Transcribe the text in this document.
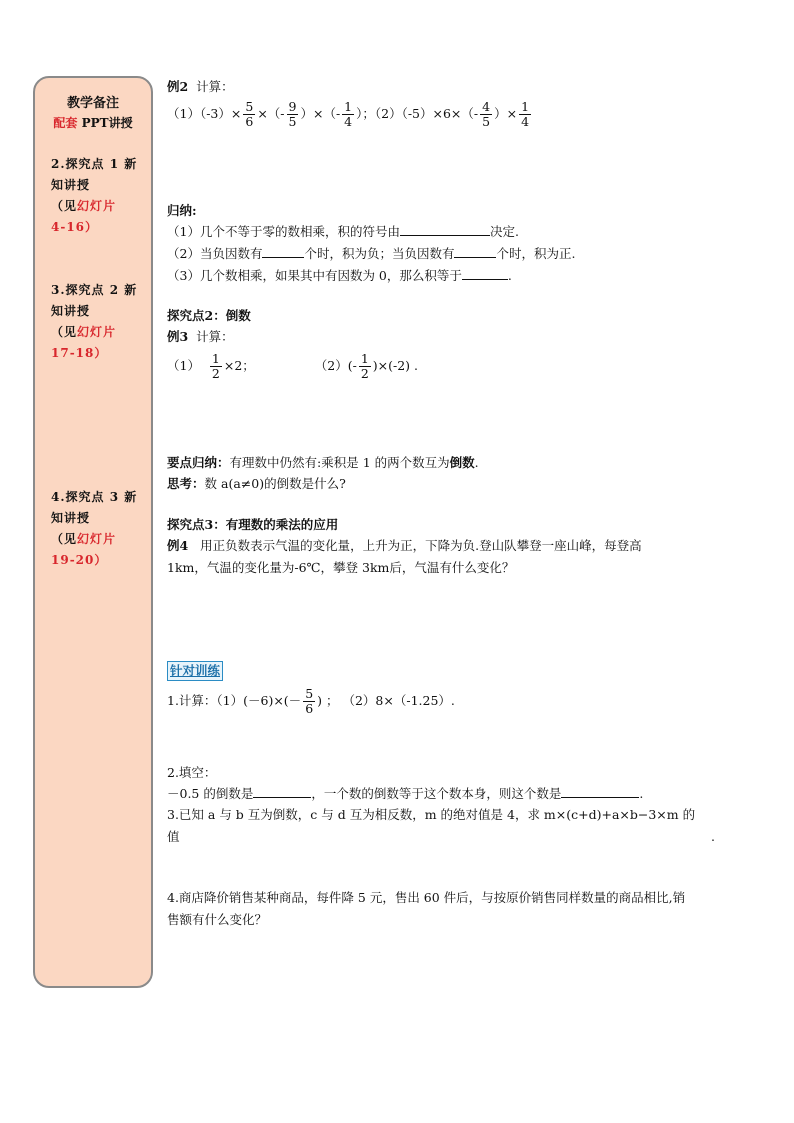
教学备注
配套 PPT讲授
2.探究点 1 新知讲授
（见幻灯片
4-16）
3.探究点 2 新知讲授
（见幻灯片
17-18）
4.探究点 3 新知讲授
（见幻灯片
19-20）
例2 计算：
$(1)(-3)\times \frac{5}{6}$ ×（- $\frac{9}{5}$ ）×（- $\frac{1}{4}$ ）；$(2)(-5)\times 6\times(- \frac{4}{5}$ ）× $\frac{1}{4}$
归纳:
（1）几个不等于零的数相乘，积的符号由	决定.
（2）当负因数有	个时，积为负；当负因数有	个时，积为正.
（3）几个数相乘，如果其中有因数为 0，那么积等于	.
探究点2：倒数
例3 计算：
$(1) \frac{1}{2} \times 2$；	$(2)(- \frac{1}{2} )\times(-2)$ .
要点归纳：有理数中仍然有:乘积是 1 的两个数互为倒数.
思考：数 a(a≠0)的倒数是什么?
探究点3：有理数的乘法的应用
例4 用正负数表示气温的变化量，上升为正，下降为负.登山队攀登一座山峰，每登高
1km，气温的变化量为-6℃，攀登 3km后，气温有什么变化？
针对训练
1.计算：$(1)(-6)\times(- \frac{5}{6}$ ) ； （2）8×（-1.25）.
2.填空：
－0.5 的倒数是	，一个数的倒数等于这个数本身，则这个数是	.
3.已知 a 与 b 互为倒数，c 与 d 互为相反数，m 的绝对值是 4，求 m×(c+d)+a×b−3×m 的
值	.
4.商店降价销售某种商品，每件降 5 元，售出 60 件后，与按原价销售同样数量的商品相比,销
售额有什么变化？
